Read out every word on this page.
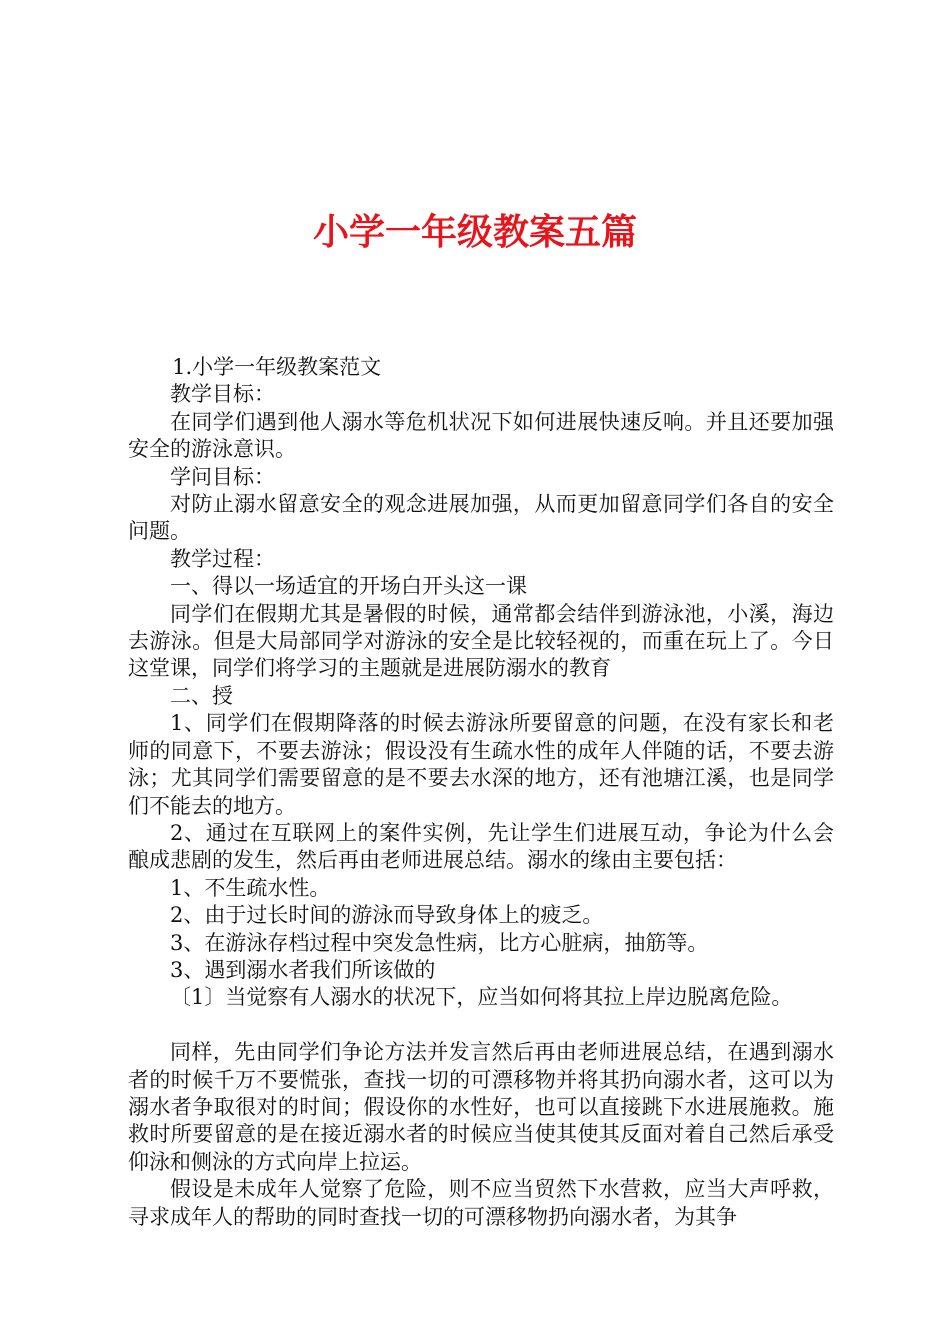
小学一年级教案五篇

1.小学一年级教案范文

教学目标：

在同学们遇到他人溺水等危机状况下如何进展快速反响。并且还要加强安全的游泳意识。

学问目标：

对防止溺水留意安全的观念进展加强，从而更加留意同学们各自的安全问题。

教学过程：

一、得以一场适宜的开场白开头这一课

同学们在假期尤其是暑假的时候，通常都会结伴到游泳池，小溪，海边去游泳。但是大局部同学对游泳的安全是比较轻视的，而重在玩上了。今日这堂课，同学们将学习的主题就是进展防溺水的教育

二、授

1、同学们在假期降落的时候去游泳所要留意的问题，在没有家长和老师的同意下，不要去游泳；假设没有生疏水性的成年人伴随的话，不要去游泳；尤其同学们需要留意的是不要去水深的地方，还有池塘江溪，也是同学们不能去的地方。

2、通过在互联网上的案件实例，先让学生们进展互动，争论为什么会酿成悲剧的发生，然后再由老师进展总结。溺水的缘由主要包括：

1、不生疏水性。

2、由于过长时间的游泳而导致身体上的疲乏。

3、在游泳存档过程中突发急性病，比方心脏病，抽筋等。

3、遇到溺水者我们所该做的

〔1〕当觉察有人溺水的状况下，应当如何将其拉上岸边脱离危险。

同样，先由同学们争论方法并发言然后再由老师进展总结，在遇到溺水者的时候千万不要慌张，查找一切的可漂移物并将其扔向溺水者，这可以为溺水者争取很对的时间；假设你的水性好，也可以直接跳下水进展施救。施救时所要留意的是在接近溺水者的时候应当使其使其反面对着自己然后承受仰泳和侧泳的方式向岸上拉运。

假设是未成年人觉察了危险，则不应当贸然下水营救，应当大声呼救，寻求成年人的帮助的同时查找一切的可漂移物扔向溺水者，为其争
